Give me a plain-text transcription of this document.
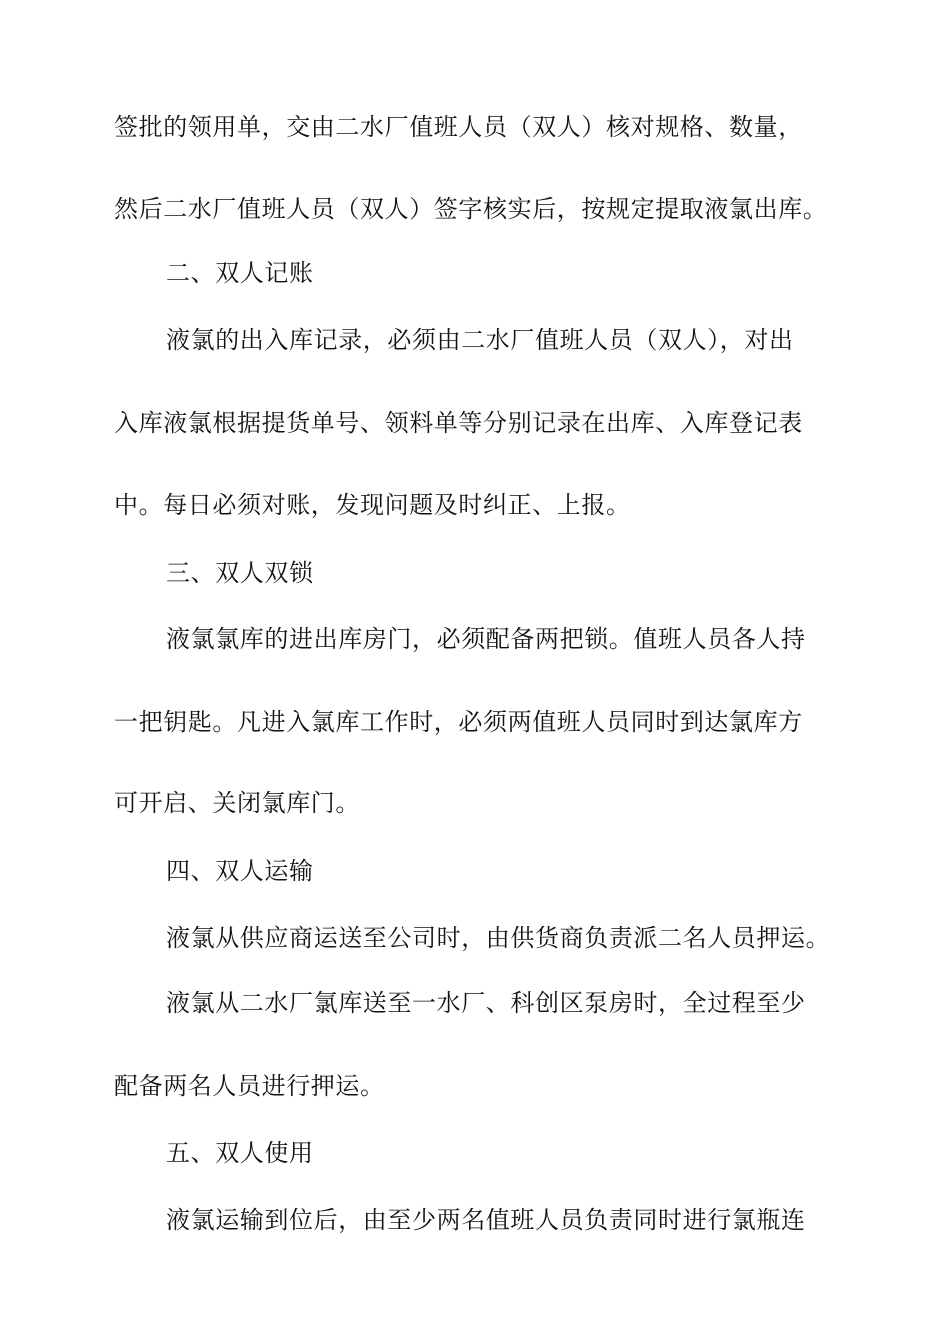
签批的领用单，交由二水厂值班人员（双人）核对规格、数量，
然后二水厂值班人员（双人）签字核实后，按规定提取液氯出库。
二、双人记账
液氯的出入库记录，必须由二水厂值班人员（双人），对出
入库液氯根据提货单号、领料单等分别记录在出库、入库登记表
中。每日必须对账，发现问题及时纠正、上报。
三、双人双锁
液氯氯库的进出库房门，必须配备两把锁。值班人员各人持
一把钥匙。凡进入氯库工作时，必须两值班人员同时到达氯库方
可开启、关闭氯库门。
四、双人运输
液氯从供应商运送至公司时，由供货商负责派二名人员押运。
液氯从二水厂氯库送至一水厂、科创区泵房时，全过程至少
配备两名人员进行押运。
五、双人使用
液氯运输到位后，由至少两名值班人员负责同时进行氯瓶连
